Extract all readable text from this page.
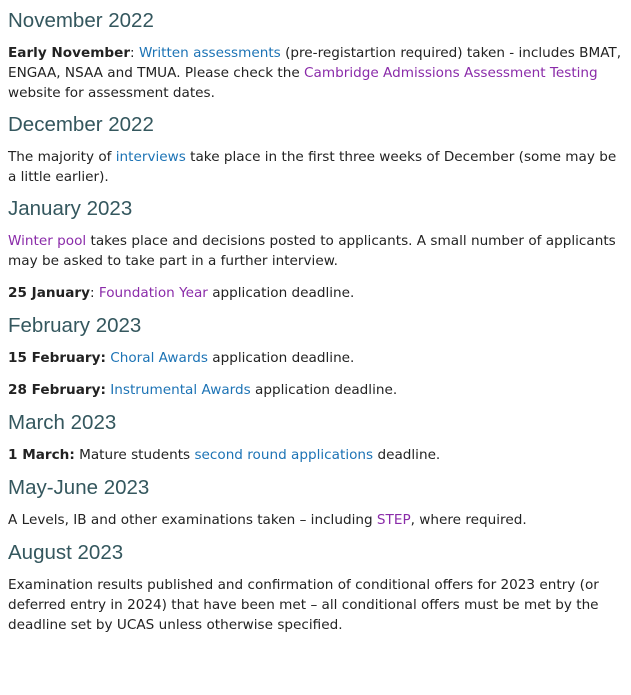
November 2022

Early November: Written assessments (pre-registartion required) taken - includes BMAT, ENGAA, NSAA and TMUA. Please check the Cambridge Admissions Assessment Testing website for assessment dates.

December 2022

The majority of interviews take place in the first three weeks of December (some may be a little earlier).

January 2023

Winter pool takes place and decisions posted to applicants. A small number of applicants may be asked to take part in a further interview.

25 January: Foundation Year application deadline.

February 2023

15 February: Choral Awards application deadline.

28 February: Instrumental Awards application deadline.

March 2023

1 March: Mature students second round applications deadline.

May-June 2023

A Levels, IB and other examinations taken – including STEP, where required.

August 2023

Examination results published and confirmation of conditional offers for 2023 entry (or deferred entry in 2024) that have been met – all conditional offers must be met by the deadline set by UCAS unless otherwise specified.
